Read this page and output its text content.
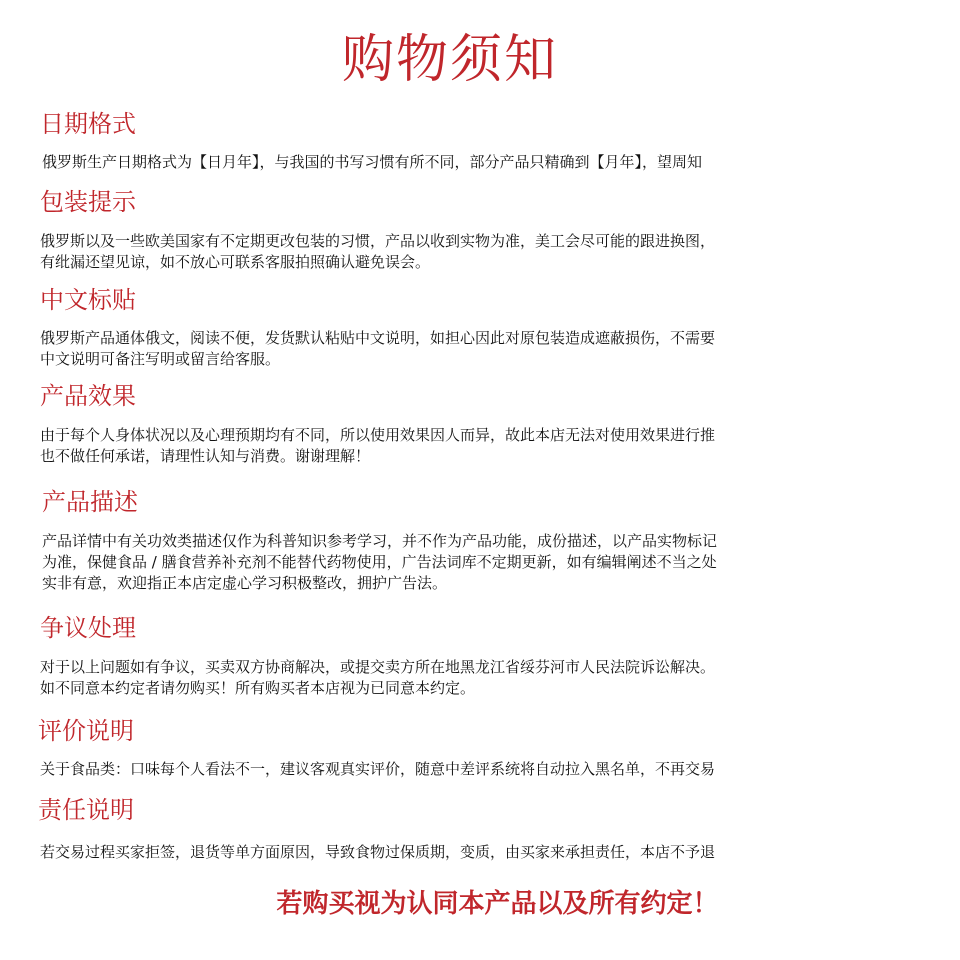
购物须知
日期格式
俄罗斯生产日期格式为【日月年】，与我国的书写习惯有所不同，部分产品只精确到【月年】，望周知
包装提示
俄罗斯以及一些欧美国家有不定期更改包装的习惯，产品以收到实物为准，美工会尽可能的跟进换图，
有纰漏还望见谅，如不放心可联系客服拍照确认避免误会。
中文标贴
俄罗斯产品通体俄文，阅读不便，发货默认粘贴中文说明，如担心因此对原包装造成遮蔽损伤，不需要
中文说明可备注写明或留言给客服。
产品效果
由于每个人身体状况以及心理预期均有不同，所以使用效果因人而异，故此本店无法对使用效果进行推
也不做任何承诺，请理性认知与消费。谢谢理解！
产品描述
产品详情中有关功效类描述仅作为科普知识参考学习，并不作为产品功能，成份描述，以产品实物标记
为准，保健食品 / 膳食营养补充剂不能替代药物使用，广告法词库不定期更新，如有编辑阐述不当之处
实非有意，欢迎指正本店定虚心学习积极整改，拥护广告法。
争议处理
对于以上问题如有争议，买卖双方协商解决，或提交卖方所在地黑龙江省绥芬河市人民法院诉讼解决。
如不同意本约定者请勿购买！所有购买者本店视为已同意本约定。
评价说明
关于食品类：口味每个人看法不一，建议客观真实评价，随意中差评系统将自动拉入黑名单，不再交易
责任说明
若交易过程买家拒签，退货等单方面原因，导致食物过保质期，变质，由买家来承担责任，本店不予退
若购买视为认同本产品以及所有约定！
